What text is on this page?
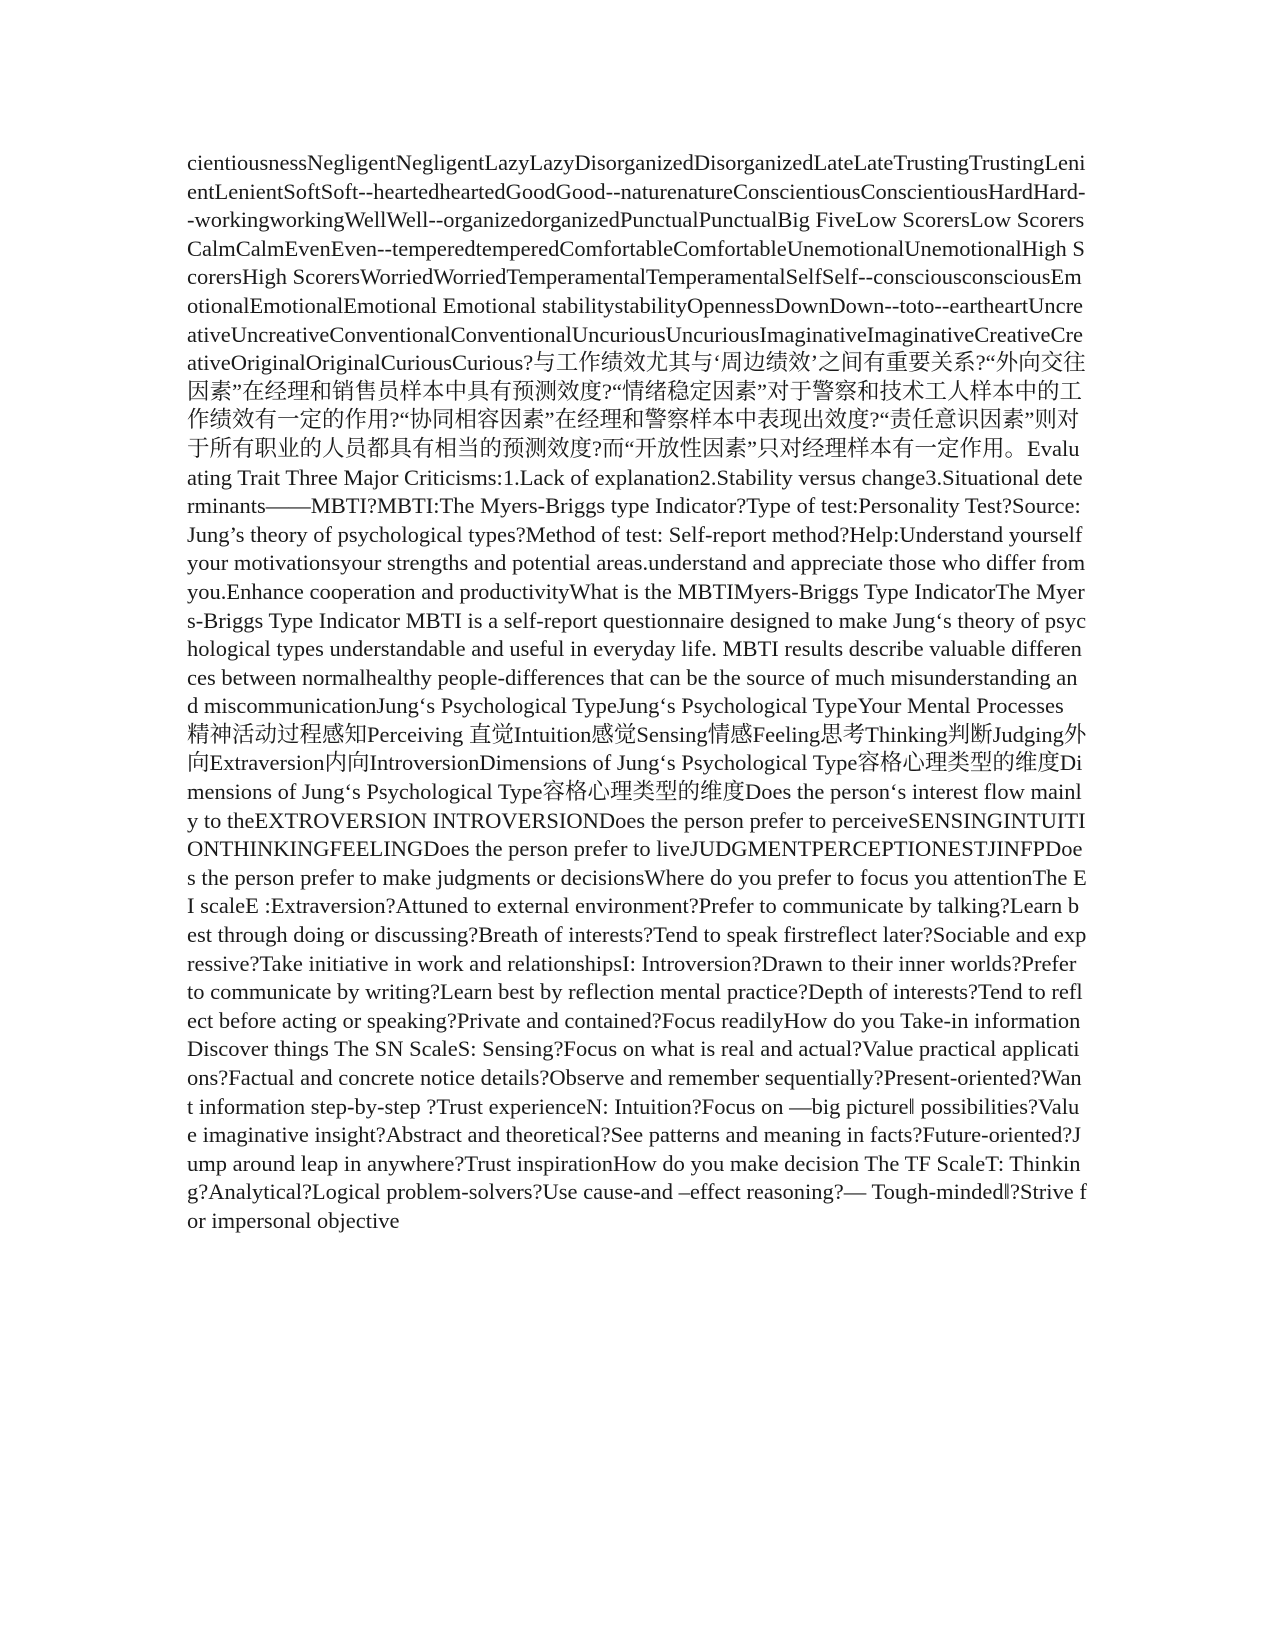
cientiousnessNegligentNegligentLazyLazyDisorganizedDisorganizedLateLateTrustingTrustingLenientLenientSoftSoft--heartedheartedGoodGood--naturenatureConscientiousConscientiousHardHard--workingworkingWellWell--organizedorganizedPunctualPunctualBig FiveLow ScorersLow ScorersCalmCalmEvenEven--temperedtemperedComfortableComfortableUnemotionalUnemotionalHigh ScorersHigh ScorersWorriedWorriedTemperamentalTemperamentalSelfSelf--consciousconsciousEmotionalEmotionalEmotional Emotional stabilitystabilityOpennessDownDown--toto--eartheartUncreativeUncreativeConventionalConventionalUncuriousUncuriousImaginativeImaginativeCreativeCreativeOriginalOriginalCuriousCurious?与工作绩效尤其与‘周边绩效’之间有重要关系?“外向交往因素”在经理和销售员样本中具有预测效度?“情绪稳定因素”对于警察和技术工人样本中的工作绩效有一定的作用?“协同相容因素”在经理和警察样本中表现出效度?“责任意识因素”则对于所有职业的人员都具有相当的预测效度?而“开放性因素”只对经理样本有一定作用。Evaluating Trait Three Major Criticisms:1.Lack of explanation2.Stability versus change3.Situational determinants——MBTI?MBTI:The Myers-Briggs type Indicator?Type of test:Personality Test?Source:Jung’s theory of psychological types?Method of test: Self-report method?Help:Understand yourselfyour motivationsyour strengths and potential areas.understand and appreciate those who differ from you.Enhance cooperation and productivityWhat is the MBTIMyers-Briggs Type IndicatorThe Myers-Briggs Type Indicator MBTI is a self-report questionnaire designed to make Jung‘s theory of psychological types understandable and useful in everyday life. MBTI results describe valuable differences between normalhealthy people-differences that can be the source of much misunderstanding and miscommunicationJung‘s Psychological TypeJung‘s Psychological TypeYour Mental Processes 精神活动过程感知Perceiving 直觉Intuition感觉Sensing情感Feeling思考Thinking判断Judging外向Extraversion内向IntroversionDimensions of Jung‘s Psychological Type容格心理类型的维度Dimensions of Jung‘s Psychological Type容格心理类型的维度Does the person‘s interest flow mainly to theEXTROVERSION INTROVERSIONDoes the person prefer to perceiveSENSINGINTUITIONTHINKINGFEELINGDoes the person prefer to liveJUDGMENTPERCEPTIONESTJINFPDoes the person prefer to make judgments or decisionsWhere do you prefer to focus you attentionThe EI scaleE :Extraversion?Attuned to external environment?Prefer to communicate by talking?Learn best through doing or discussing?Breath of interests?Tend to speak firstreflect later?Sociable and expressive?Take initiative in work and relationshipsI: Introversion?Drawn to their inner worlds?Prefer to communicate by writing?Learn best by reflection mental practice?Depth of interests?Tend to reflect before acting or speaking?Private and contained?Focus readilyHow do you Take-in informationDiscover things The SN ScaleS: Sensing?Focus on what is real and actual?Value practical applications?Factual and concrete notice details?Observe and remember sequentially?Present-oriented?Want information step-by-step ?Trust experienceN: Intuition?Focus on —big picture‖ possibilities?Value imaginative insight?Abstract and theoretical?See patterns and meaning in facts?Future-oriented?Jump around leap in anywhere?Trust inspirationHow do you make decision The TF ScaleT: Thinking?Analytical?Logical problem-solvers?Use cause-and –effect reasoning?— Tough-minded‖?Strive for impersonal objective
